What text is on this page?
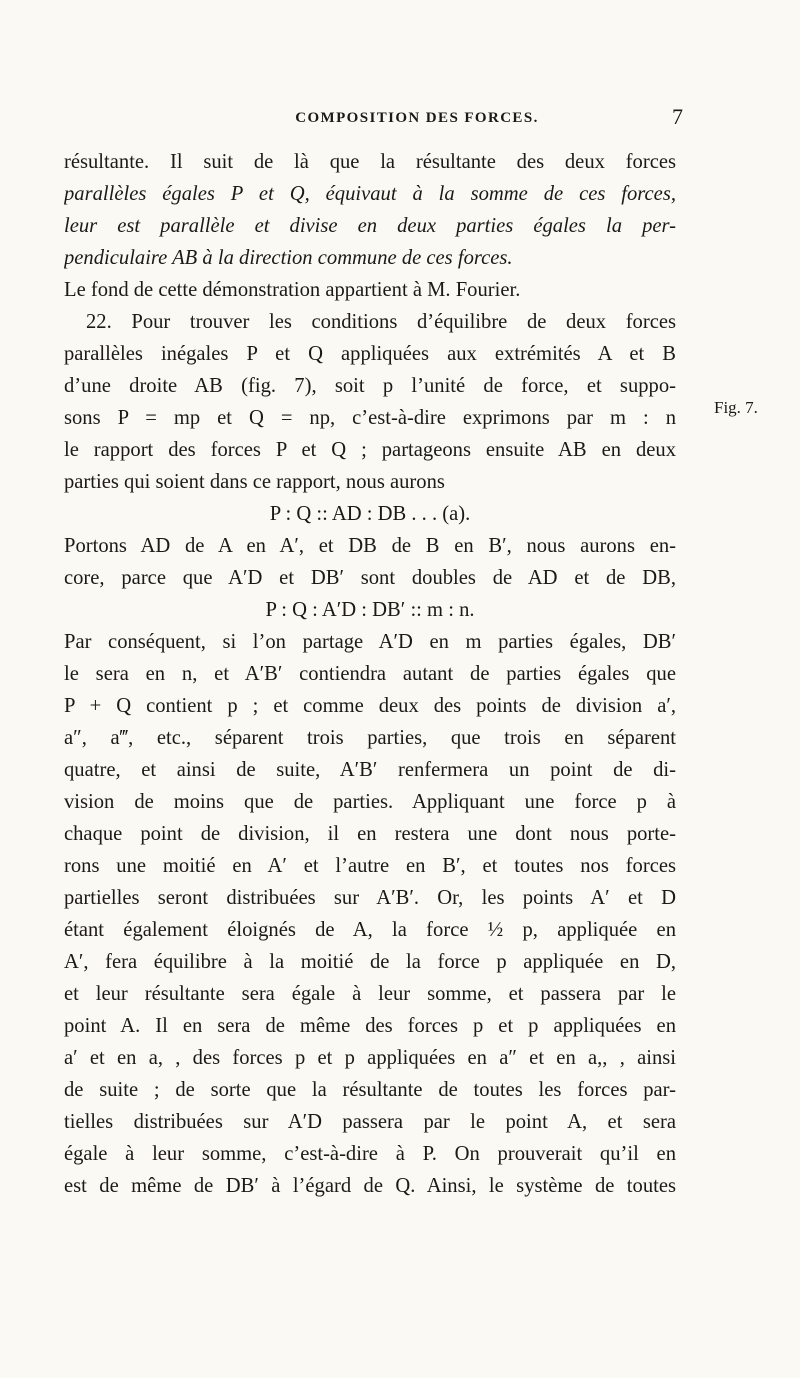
COMPOSITION DES FORCES.	7
Fig. 7.
résultante. Il suit de là que la résultante des deux forces
parallèles égales P et Q, équivaut à la somme de ces forces,
leur est parallèle et divise en deux parties égales la per-
pendiculaire AB à la direction commune de ces forces.
Le fond de cette démonstration appartient à M. Fourier.
22. Pour trouver les conditions d’équilibre de deux forces
parallèles inégales P et Q appliquées aux extrémités A et B
d’une droite AB (fig. 7), soit p l’unité de force, et suppo-
sons P = mp et Q = np, c’est-à-dire exprimons par m : n
le rapport des forces P et Q ; partageons ensuite AB en deux
parties qui soient dans ce rapport, nous aurons
P : Q :: AD : DB . . . (a).
Portons AD de A en A′, et DB de B en B′, nous aurons en-
core, parce que A′D et DB′ sont doubles de AD et de DB,
P : Q : A′D : DB′ :: m : n.
Par conséquent, si l’on partage A′D en m parties égales, DB′
le sera en n, et A′B′ contiendra autant de parties égales que
P + Q contient p ; et comme deux des points de division a′,
a″, a‴, etc., séparent trois parties, que trois en séparent
quatre, et ainsi de suite, A′B′ renfermera un point de di-
vision de moins que de parties. Appliquant une force p à
chaque point de division, il en restera une dont nous porte-
rons une moitié en A′ et l’autre en B′, et toutes nos forces
partielles seront distribuées sur A′B′. Or, les points A′ et D
étant également éloignés de A, la force ½ p, appliquée en
A′, fera équilibre à la moitié de la force p appliquée en D,
et leur résultante sera égale à leur somme, et passera par le
point A. Il en sera de même des forces p et p appliquées en
a′ et en a, , des forces p et p appliquées en a″ et en a,, , ainsi
de suite ; de sorte que la résultante de toutes les forces par-
tielles distribuées sur A′D passera par le point A, et sera
égale à leur somme, c’est-à-dire à P. On prouverait qu’il en
est de même de DB′ à l’égard de Q. Ainsi, le système de toutes
